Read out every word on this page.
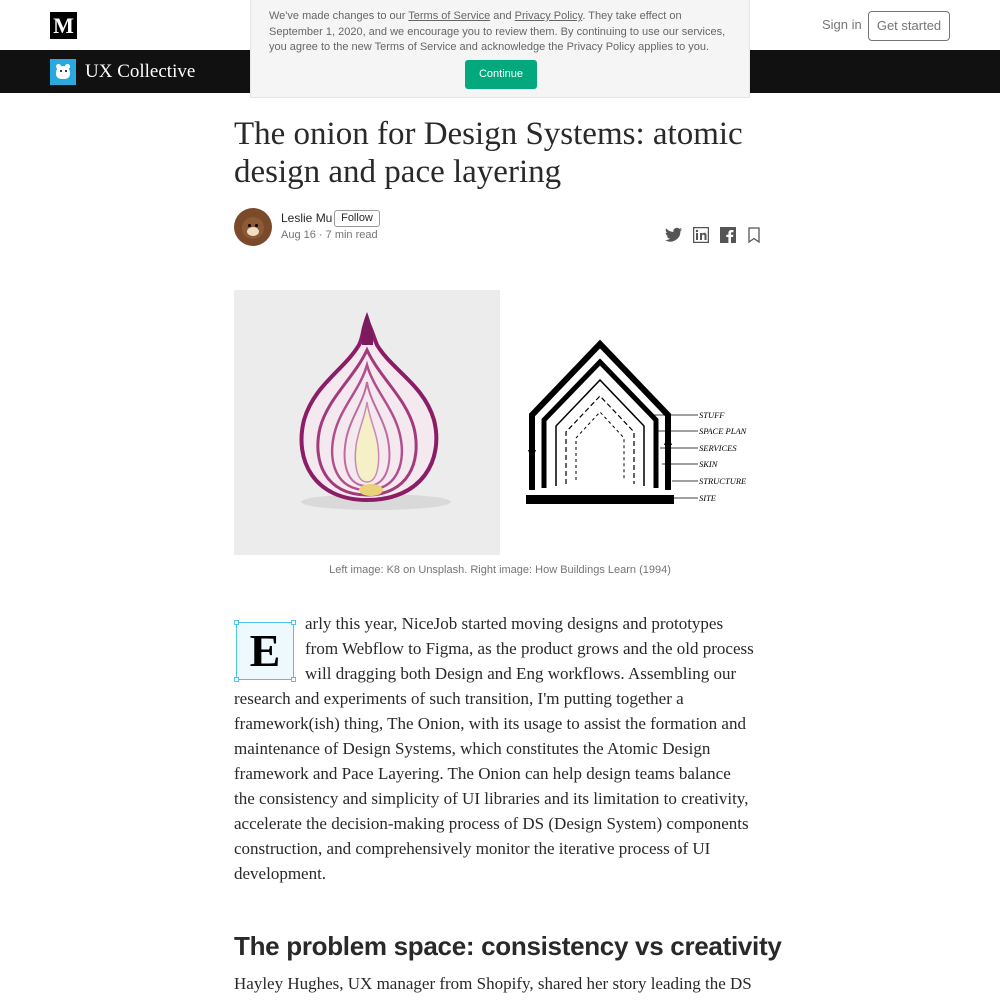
M	Sign in	Get started
UX Collective
We've made changes to our Terms of Service and Privacy Policy. They take effect on
September 1, 2020, and we encourage you to review them. By continuing to use our services,
you agree to the new Terms of Service and acknowledge the Privacy Policy applies to you.
Continue
The onion for Design Systems: atomic design and pace layering
Leslie Mu Follow
Aug 16 · 7 min read
STUFF
SPACE PLAN
SERVICES
SKIN
STRUCTURE
SITE
Left image: K8 on Unsplash. Right image: How Buildings Learn (1994)
E
arly this year, NiceJob started moving designs and prototypes
from Webflow to Figma, as the product grows and the old process
will dragging both Design and Eng workflows. Assembling our
research and experiments of such transition, I'm putting together a
framework(ish) thing, The Onion, with its usage to assist the formation and
maintenance of Design Systems, which constitutes the Atomic Design
framework and Pace Layering. The Onion can help design teams balance
the consistency and simplicity of UI libraries and its limitation to creativity,
accelerate the decision-making process of DS (Design System) components
construction, and comprehensively monitor the iterative process of UI
development.
The problem space: consistency vs creativity
Hayley Hughes, UX manager from Shopify, shared her story leading the DS
